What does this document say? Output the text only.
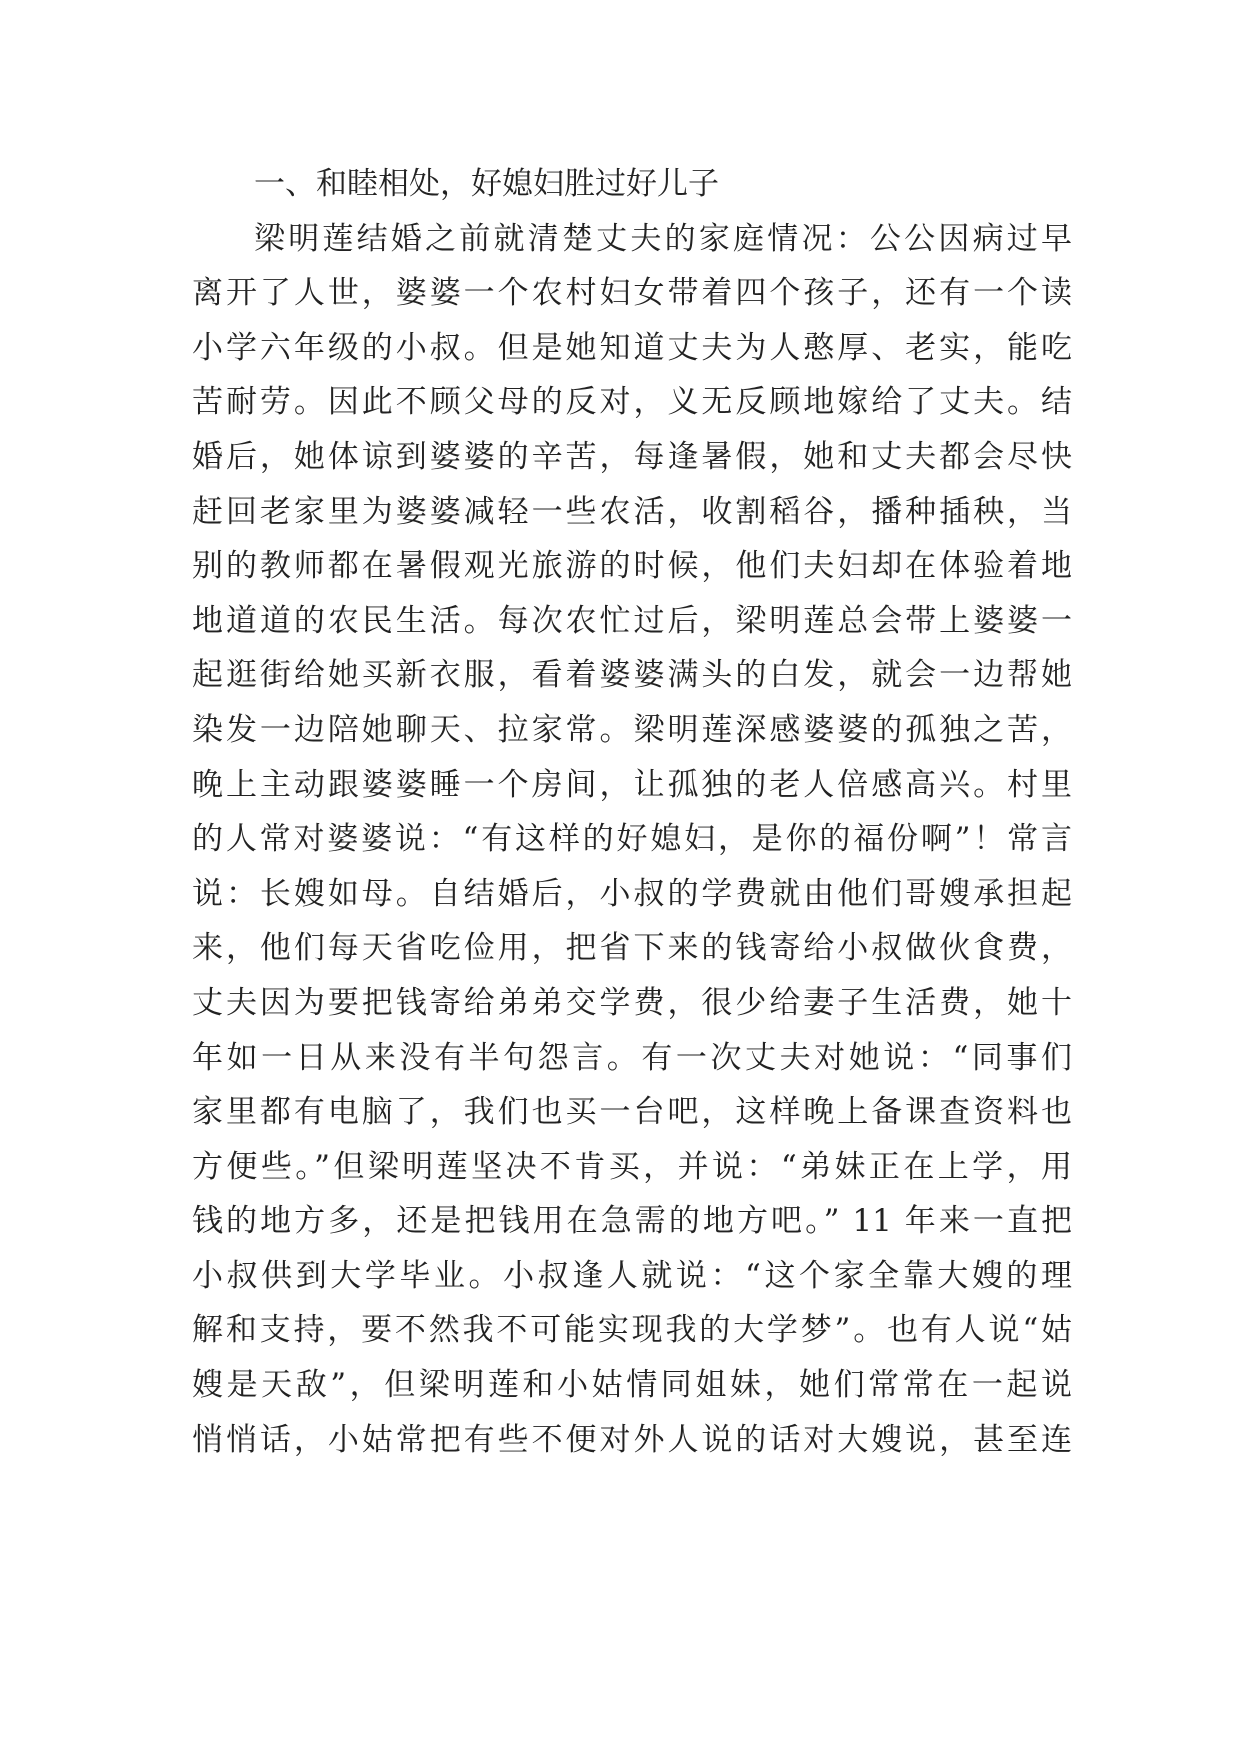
一、和睦相处，好媳妇胜过好儿子
梁明莲结婚之前就清楚丈夫的家庭情况：公公因病过早
离开了人世，婆婆一个农村妇女带着四个孩子，还有一个读
小学六年级的小叔。但是她知道丈夫为人憨厚、老实，能吃
苦耐劳。因此不顾父母的反对，义无反顾地嫁给了丈夫。结
婚后，她体谅到婆婆的辛苦，每逢暑假，她和丈夫都会尽快
赶回老家里为婆婆减轻一些农活，收割稻谷，播种插秧，当
别的教师都在暑假观光旅游的时候，他们夫妇却在体验着地
地道道的农民生活。每次农忙过后，梁明莲总会带上婆婆一
起逛街给她买新衣服，看着婆婆满头的白发，就会一边帮她
染发一边陪她聊天、拉家常。梁明莲深感婆婆的孤独之苦，
晚上主动跟婆婆睡一个房间，让孤独的老人倍感高兴。村里
的人常对婆婆说：“有这样的好媳妇，是你的福份啊”！常言
说：长嫂如母。自结婚后，小叔的学费就由他们哥嫂承担起
来，他们每天省吃俭用，把省下来的钱寄给小叔做伙食费，
丈夫因为要把钱寄给弟弟交学费，很少给妻子生活费，她十
年如一日从来没有半句怨言。有一次丈夫对她说：“同事们
家里都有电脑了，我们也买一台吧，这样晚上备课查资料也
方便些。”但梁明莲坚决不肯买，并说：“弟妹正在上学，用
钱的地方多，还是把钱用在急需的地方吧。” 11 年来一直把
小叔供到大学毕业。小叔逢人就说：“这个家全靠大嫂的理
解和支持，要不然我不可能实现我的大学梦”。也有人说“姑
嫂是天敌”，但梁明莲和小姑情同姐妹，她们常常在一起说
悄悄话，小姑常把有些不便对外人说的话对大嫂说，甚至连
